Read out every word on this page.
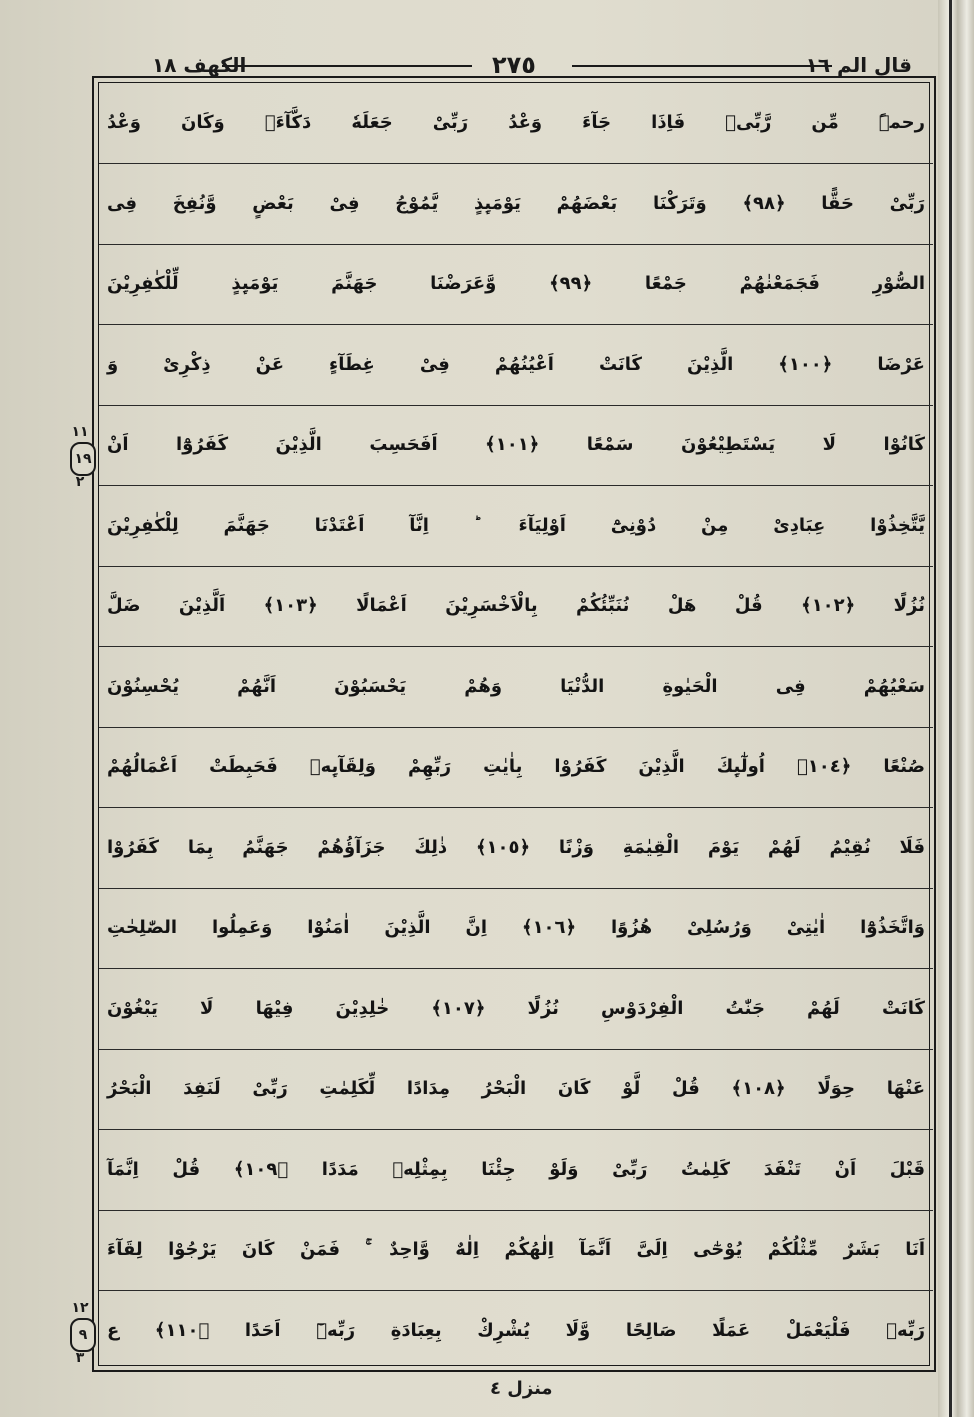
الکھف ١٨	٢٧٥	قال الم ١٦
رحمۃً مِّن رَّبِّیۚ فَاِذَا جَآءَ وَعْدُ رَبِّیْ جَعَلَهٗ دَكَّآءَۚ وَكَانَ وَعْدُ
رَبِّیْ حَقًّا ﴿٩٨﴾ وَتَرَكْنَا بَعْضَهُمْ یَوْمَىِٕذٍ یَّمُوْجُ فِیْ بَعْضٍ وَّنُفِخَ فِی
الصُّوْرِ فَجَمَعْنٰهُمْ جَمْعًا ﴿٩٩﴾ وَّعَرَضْنَا جَهَنَّمَ یَوْمَىِٕذٍ لِّلْكٰفِرِیْنَ
عَرْضَا ﴿١٠٠﴾ الَّذِیْنَ كَانَتْ اَعْیُنُهُمْ فِیْ غِطَآءٍ عَنْ ذِكْرِیْ وَ
كَانُوْا لَا یَسْتَطِیْعُوْنَ سَمْعًا ﴿١٠١﴾ اَفَحَسِبَ الَّذِیْنَ كَفَرُوْٓا اَنْ
یَّتَّخِذُوْا عِبَادِیْ مِنْ دُوْنِیْٓ اَوْلِیَآءَ ؕ اِنَّآ اَعْتَدْنَا جَهَنَّمَ لِلْكٰفِرِیْنَ
نُزُلًا ﴿١٠٢﴾ قُلْ هَلْ نُنَبِّئُكُمْ بِالْاَخْسَرِیْنَ اَعْمَالًا ﴿١٠٣﴾ اَلَّذِیْنَ ضَلَّ
سَعْیُهُمْ فِی الْحَیٰوةِ الدُّنْیَا وَهُمْ یَحْسَبُوْنَ اَنَّهُمْ یُحْسِنُوْنَ
صُنْعًا ﴿١٠٤﴾ اُولٰٓىِٕكَ الَّذِیْنَ كَفَرُوْا بِاٰیٰتِ رَبِّهِمْ وَلِقَآىِٕهٖ فَحَبِطَتْ اَعْمَالُهُمْ
فَلَا نُقِیْمُ لَهُمْ یَوْمَ الْقِیٰمَةِ وَزْنًا ﴿١٠٥﴾ ذٰلِكَ جَزَآؤُهُمْ جَهَنَّمُ بِمَا كَفَرُوْا
وَاتَّخَذُوْٓا اٰیٰتِیْ وَرُسُلِیْ هُزُوًا ﴿١٠٦﴾ اِنَّ الَّذِیْنَ اٰمَنُوْا وَعَمِلُوا الصّٰلِحٰتِ
كَانَتْ لَهُمْ جَنّٰتُ الْفِرْدَوْسِ نُزُلًا ﴿١٠٧﴾ خٰلِدِیْنَ فِیْهَا لَا یَبْغُوْنَ
عَنْهَا حِوَلًا ﴿١٠٨﴾ قُلْ لَّوْ كَانَ الْبَحْرُ مِدَادًا لِّكَلِمٰتِ رَبِّیْ لَنَفِدَ الْبَحْرُ
قَبْلَ اَنْ تَنْفَدَ كَلِمٰتُ رَبِّیْ وَلَوْ جِئْنَا بِمِثْلِهٖ مَدَدًا ﴿١٠٩﴾ قُلْ اِنَّمَآ
اَنَا بَشَرٌ مِّثْلُكُمْ یُوْحٰٓی اِلَیَّ اَنَّمَآ اِلٰهُكُمْ اِلٰهٌ وَّاحِدٌ ۚ فَمَنْ كَانَ یَرْجُوْا لِقَآءَ
رَبِّهٖ فَلْیَعْمَلْ عَمَلًا صَالِحًا وَّلَا یُشْرِكْ بِعِبَادَةِ رَبِّهٖٓ اَحَدًا ﴿١١٠﴾ ع
١١
١٩
٢
١٢
٩
٣
منزل ٤
